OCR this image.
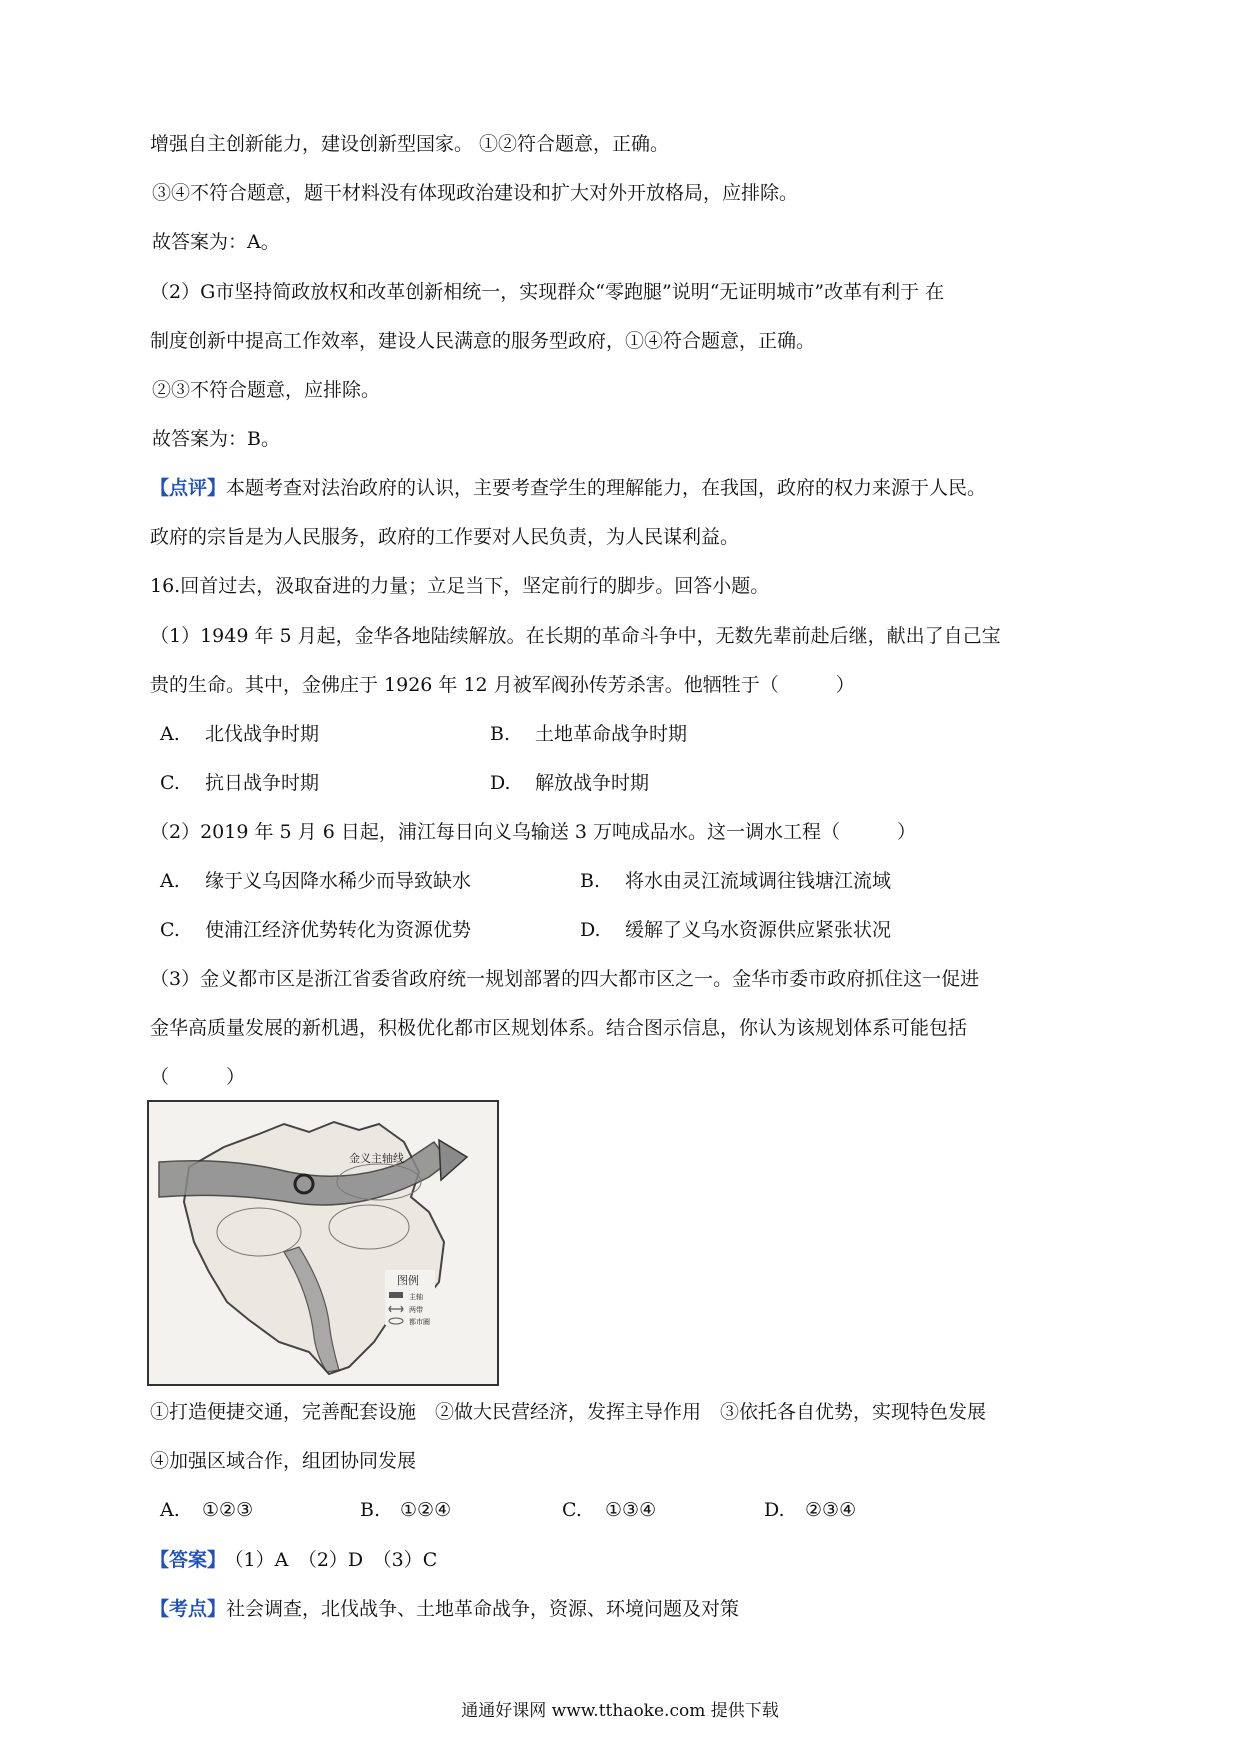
增强自主创新能力，建设创新型国家。 ①②符合题意，正确。
③④不符合题意，题干材料没有体现政治建设和扩大对外开放格局，应排除。
故答案为：A。
（2）G市坚持简政放权和改革创新相统一，实现群众“零跑腿”说明“无证明城市”改革有利于 在
制度创新中提高工作效率，建设人民满意的服务型政府，①④符合题意，正确。
②③不符合题意，应排除。
故答案为：B。
【点评】本题考查对法治政府的认识，主要考查学生的理解能力，在我国，政府的权力来源于人民。
政府的宗旨是为人民服务，政府的工作要对人民负责，为人民谋利益。
16.回首过去，汲取奋进的力量；立足当下，坚定前行的脚步。回答小题。
（1）1949 年 5 月起，金华各地陆续解放。在长期的革命斗争中，无数先辈前赴后继，献出了自己宝
贵的生命。其中，金佛庄于 1926 年 12 月被军阀孙传芳杀害。他牺牲于（　　　）
A. 北伐战争时期	B. 土地革命战争时期
C. 抗日战争时期	D. 解放战争时期
（2）2019 年 5 月 6 日起，浦江每日向义乌输送 3 万吨成品水。这一调水工程（　　　）
A. 缘于义乌因降水稀少而导致缺水	B. 将水由灵江流域调往钱塘江流域
C. 使浦江经济优势转化为资源优势	D. 缓解了义乌水资源供应紧张状况
（3）金义都市区是浙江省委省政府统一规划部署的四大都市区之一。金华市委市政府抓住这一促进
金华高质量发展的新机遇，积极优化都市区规划体系。结合图示信息，你认为该规划体系可能包括
（　　　）
金义主轴线
图例
主轴
两带
都市圈
①打造便捷交通，完善配套设施　②做大民营经济，发挥主导作用　③依托各自优势，实现特色发展
④加强区域合作，组团协同发展
A. ①②③	B. ①②④	C. ①③④	D. ②③④
【答案】 （1）A　（2）D　（3）C
【考点】社会调查，北伐战争、土地革命战争，资源、环境问题及对策
通通好课网 www.tthaoke.com 提供下载
